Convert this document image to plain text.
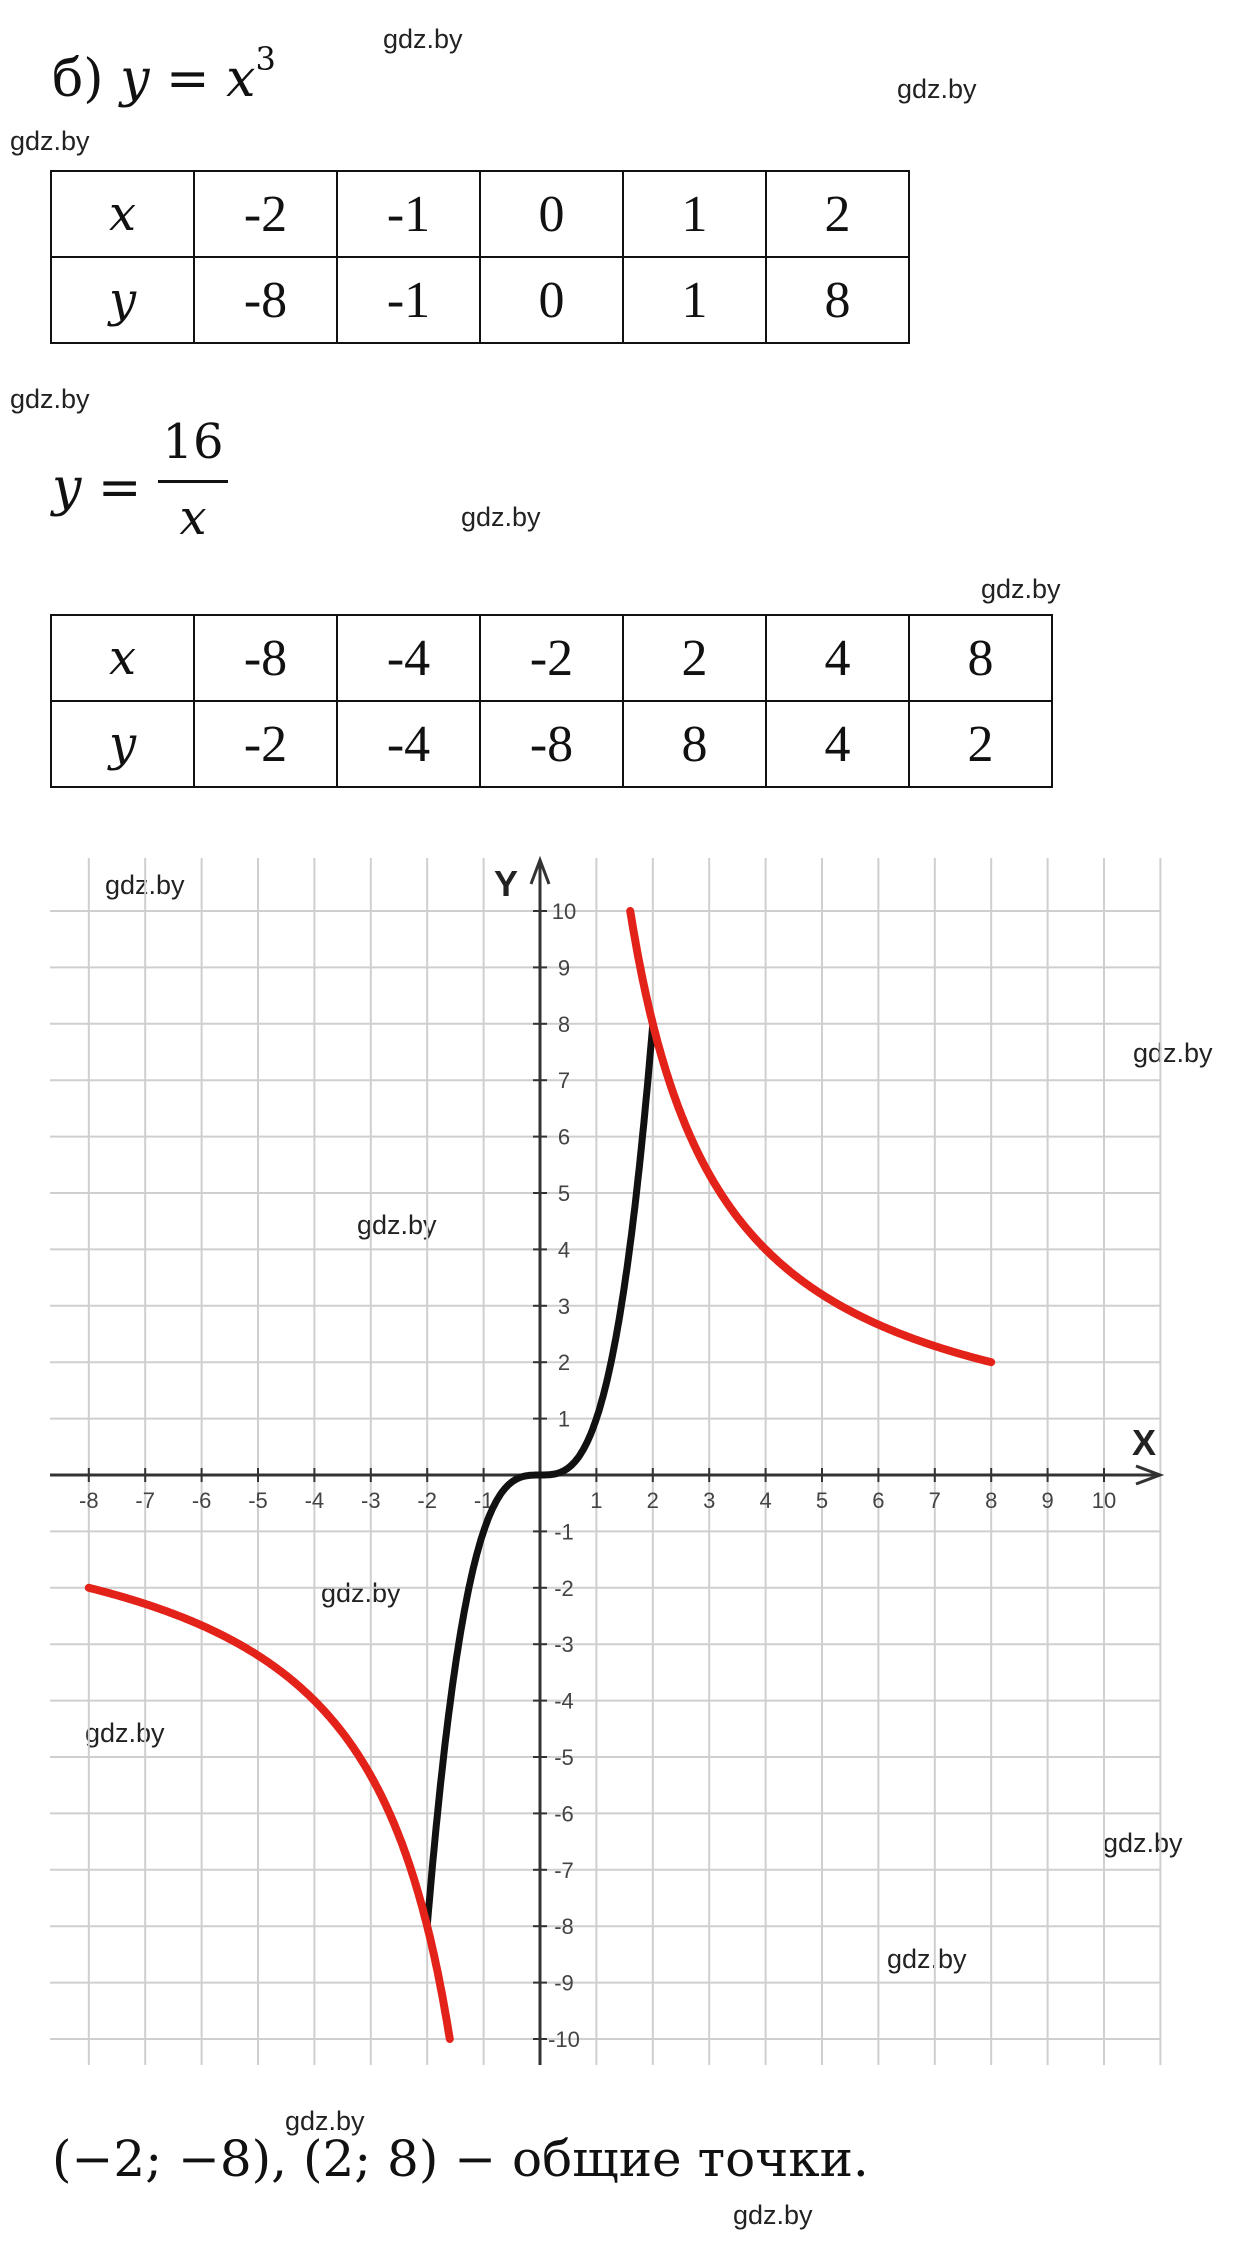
gdz.by
gdz.by
gdz.by
gdz.by
gdz.by
gdz.by
gdz.by
gdz.by
gdz.by
gdz.by
gdz.by
gdz.by
gdz.by
gdz.by
gdz.by
б) $y = x^3$
x	-2	-1	0	1	2
y	-8	-1	0	1	8
y =
16
x
x	-8	-4	-2	2	4	8
y	-2	-4	-8	8	4	2
-8 -7 -6 -5 -4 -3 -2 -1	1 2 3 4 5 6 7 8 9 10
10
9
8
7
6
5
4
3
2
1
-1
-2
-3
-4
-5
-6
-7
-8
-9
-10
X
Y
(−2; −8), (2; 8) − общие точки.
